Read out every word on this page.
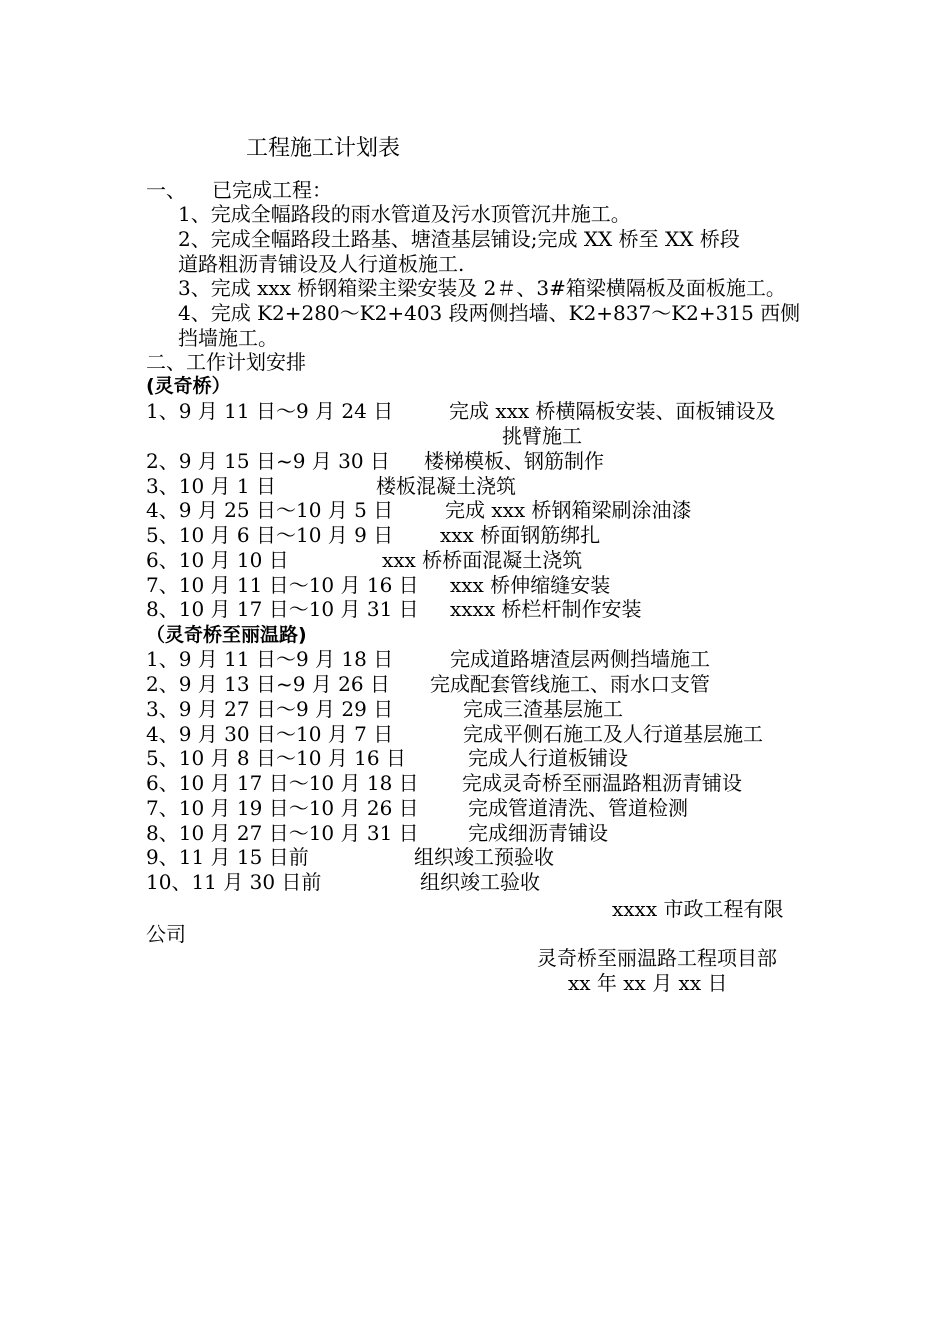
工程施工计划表
一、 已完成工程：
1、完成全幅路段的雨水管道及污水顶管沉井施工。
2、完成全幅路段土路基、塘渣基层铺设;完成 XX 桥至 XX 桥段
道路粗沥青铺设及人行道板施工.
3、完成 xxx 桥钢箱梁主梁安装及 2＃、3#箱梁横隔板及面板施工。
4、完成 K2+280～K2+403 段两侧挡墙、K2+837～K2+315 西侧
挡墙施工。
二、工作计划安排
(灵奇桥）
1、9 月 11 日～9 月 24 日	完成 xxx 桥横隔板安装、面板铺设及
挑臂施工
2、9 月 15 日~9 月 30 日 楼梯模板、钢筋制作
3、10 月 1 日	楼板混凝土浇筑
4、9 月 25 日～10 月 5 日	完成 xxx 桥钢箱梁刷涂油漆
5、10 月 6 日～10 月 9 日 xxx 桥面钢筋绑扎
6、10 月 10 日	xxx 桥桥面混凝土浇筑
7、10 月 11 日～10 月 16 日 xxx 桥伸缩缝安装
8、10 月 17 日～10 月 31 日 xxxx 桥栏杆制作安装
（灵奇桥至丽温路)
1、9 月 11 日～9 月 18 日	完成道路塘渣层两侧挡墙施工
2、9 月 13 日~9 月 26 日 完成配套管线施工、雨水口支管
3、9 月 27 日～9 月 29 日	完成三渣基层施工
4、9 月 30 日～10 月 7 日	完成平侧石施工及人行道基层施工
5、10 月 8 日～10 月 16 日	完成人行道板铺设
6、10 月 17 日～10 月 18 日 完成灵奇桥至丽温路粗沥青铺设
7、10 月 19 日～10 月 26 日 完成管道清洗、管道检测
8、10 月 27 日～10 月 31 日 完成细沥青铺设
9、11 月 15 日前	组织竣工预验收
10、11 月 30 日前	组织竣工验收
xxxx 市政工程有限
公司
灵奇桥至丽温路工程项目部
xx 年 xx 月 xx 日
